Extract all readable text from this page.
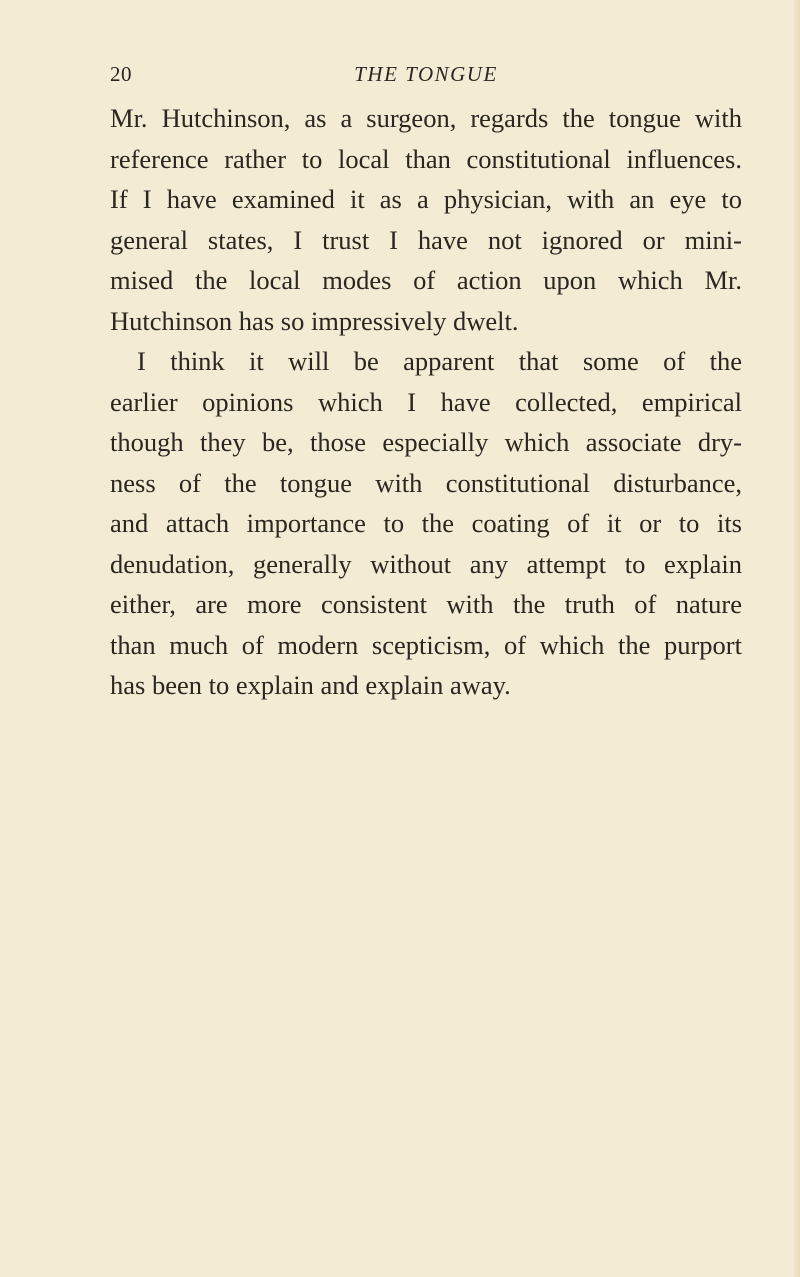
20	THE TONGUE
Mr. Hutchinson, as a surgeon, regards the tongue with
reference rather to local than constitutional influences.
If I have examined it as a physician, with an eye to
general states, I trust I have not ignored or mini-
mised the local modes of action upon which Mr.
Hutchinson has so impressively dwelt.
I think it will be apparent that some of the
earlier opinions which I have collected, empirical
though they be, those especially which associate dry-
ness of the tongue with constitutional disturbance,
and attach importance to the coating of it or to its
denudation, generally without any attempt to explain
either, are more consistent with the truth of nature
than much of modern scepticism, of which the purport
has been to explain and explain away.
